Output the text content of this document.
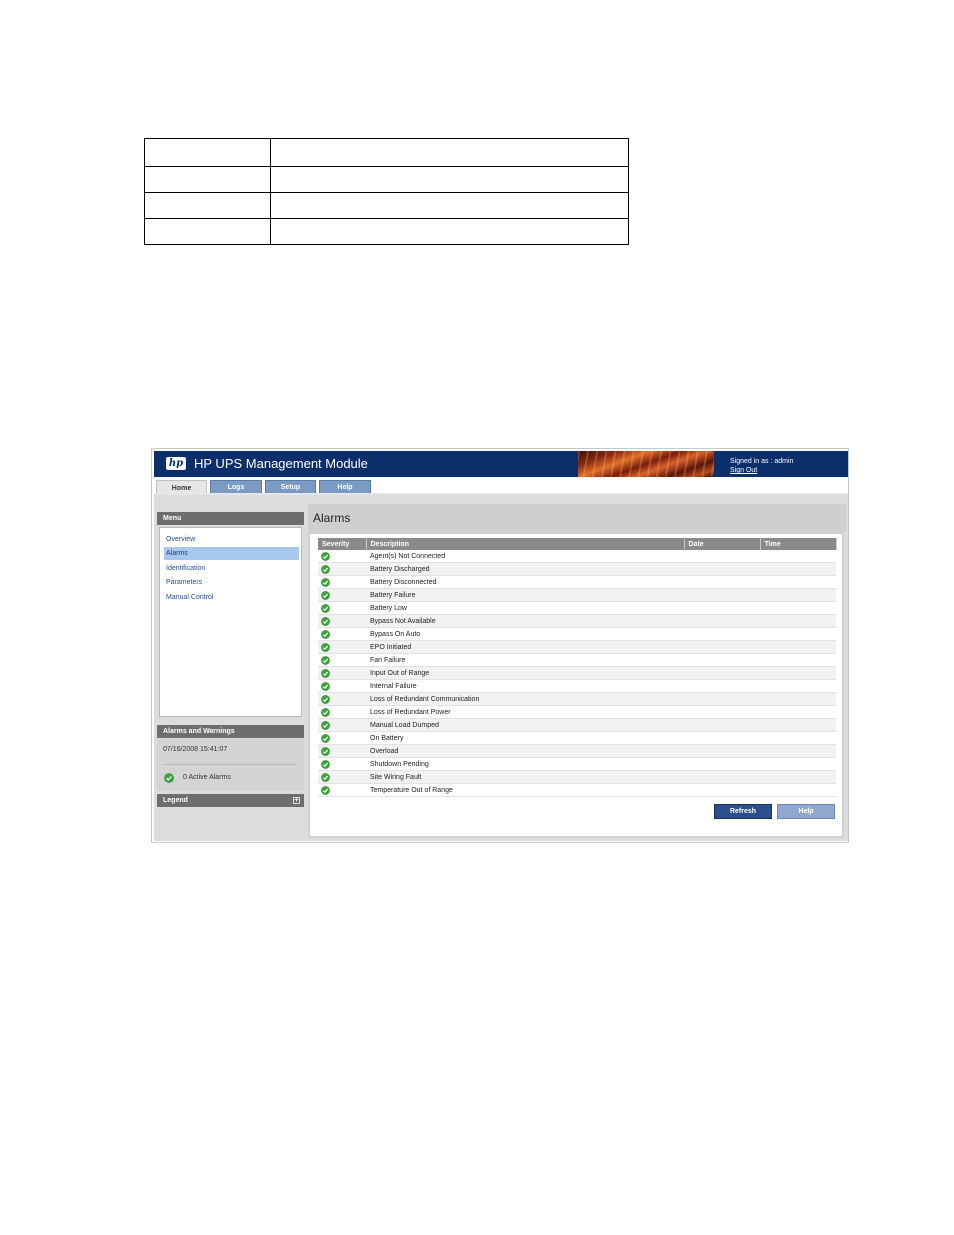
hp HP UPS Management Module	Signed in as : admin
Sign Out
Home	Logs	Setup	Help
Menu
Overview
Alarms
Identification
Parameters
Manual Control
Alarms and Warnings
07/16/2008 15:41:07
0 Active Alarms
Legend	+
Alarms
Severity	Description	Date	Time

	Agent(s) Not Connected		

	Battery Discharged		

	Battery Disconnected		

	Battery Failure		

	Battery Low		

	Bypass Not Available		

	Bypass On Auto		

	EPO Initiated		

	Fan Failure		

	Input Out of Range		

	Internal Failure		

	Loss of Redundant Communication		

	Loss of Redundant Power		

	Manual Load Dumped		

	On Battery		

	Overload		

	Shutdown Pending		

	Site Wiring Fault		

	Temperature Out of Range		
Refresh	Help
